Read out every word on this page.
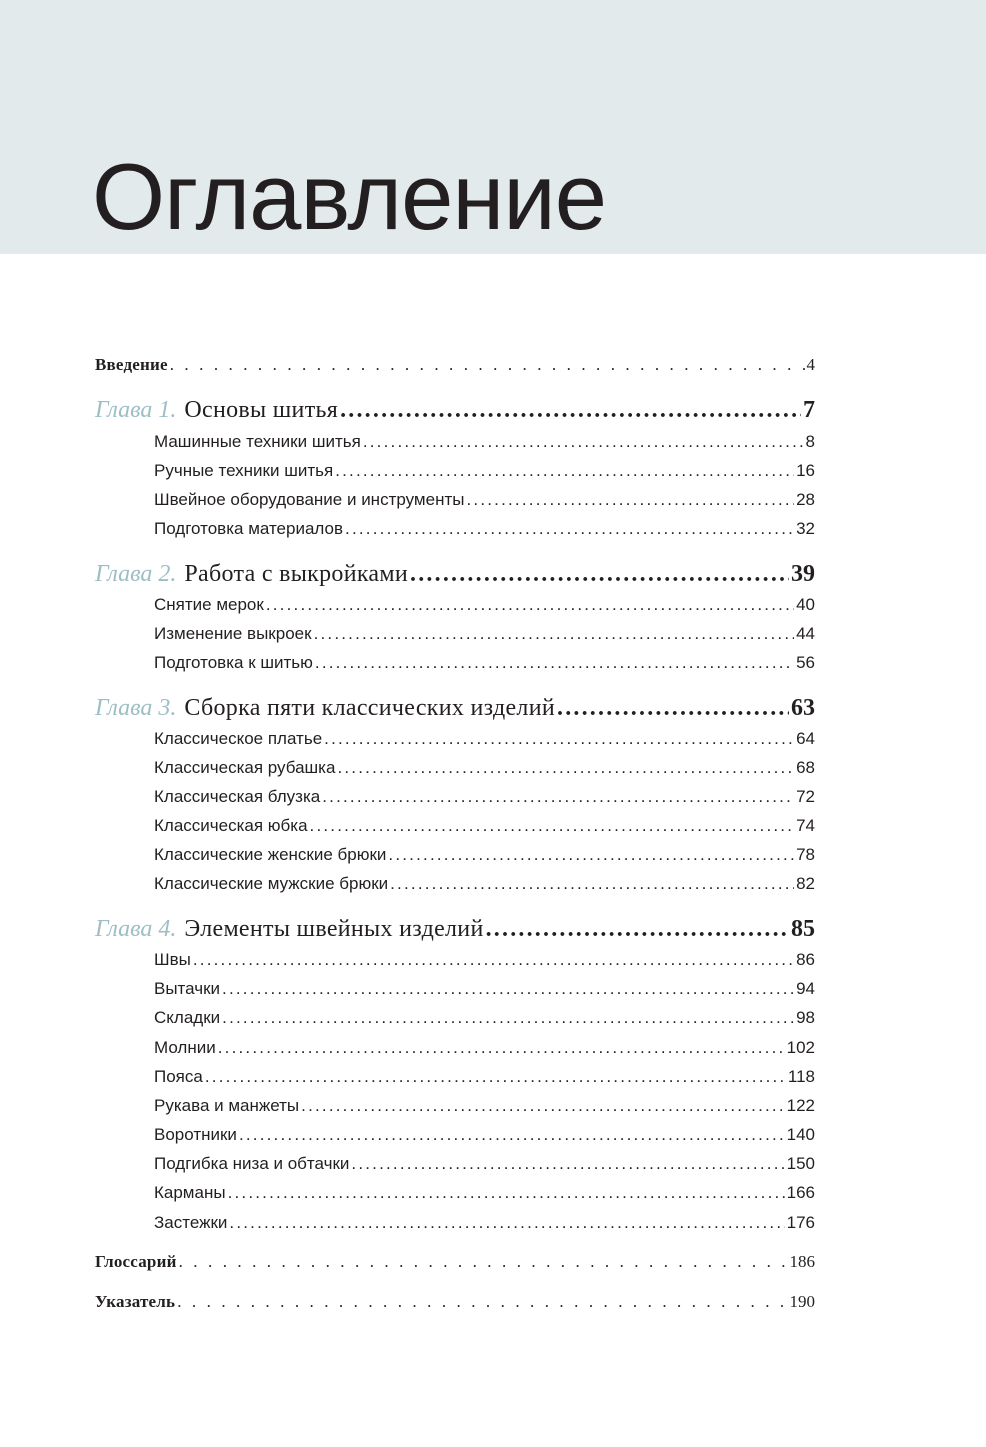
Оглавление
Введение . . .	4
Глава 1. Основы шитья .....	7
Машинные техники шитья .....	8
Ручные техники шитья .....	16
Швейное оборудование и инструменты .....	28
Подготовка материалов .....	32
Глава 2. Работа с выкройками .....	39
Снятие мерок .....	40
Изменение выкроек .....	44
Подготовка к шитью .....	56
Глава 3. Сборка пяти классических изделий .....	63
Классическое платье .....	64
Классическая рубашка .....	68
Классическая блузка .....	72
Классическая юбка .....	74
Классические женские брюки .....	78
Классические мужские брюки .....	82
Глава 4. Элементы швейных изделий .....	85
Швы .....	86
Вытачки .....	94
Складки .....	98
Молнии .....	102
Пояса .....	118
Рукава и манжеты .....	122
Воротники .....	140
Подгибка низа и обтачки .....	150
Карманы .....	166
Застежки .....	176
Глоссарий . . .	186
Указатель . . .	190
